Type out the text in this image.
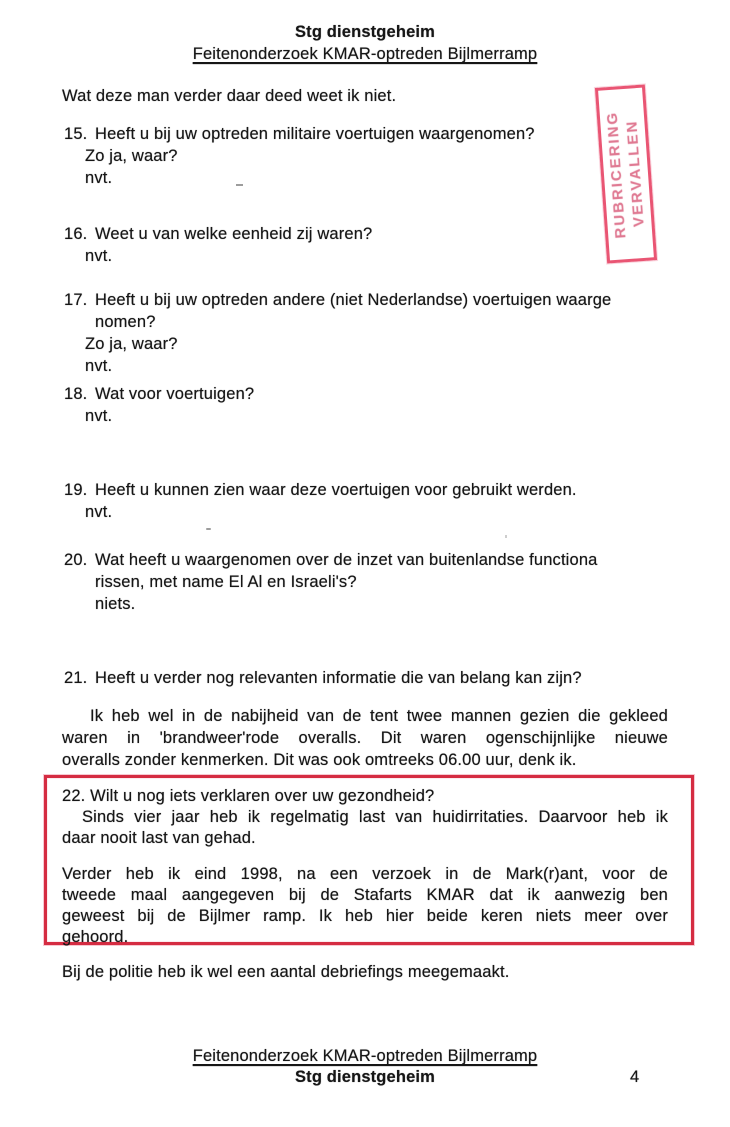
Stg dienstgeheim
Feitenonderzoek KMAR-optreden Bijlmerramp
RUBRICERING
VERVALLEN
Wat deze man verder daar deed weet ik niet.
15. Heeft u bij uw optreden militaire voertuigen waargenomen?
Zo ja, waar?
nvt.
16. Weet u van welke eenheid zij waren?
nvt.
17. Heeft u bij uw optreden andere (niet Nederlandse) voertuigen waarge
nomen?
Zo ja, waar?
nvt.
18. Wat voor voertuigen?
nvt.
19. Heeft u kunnen zien waar deze voertuigen voor gebruikt werden.
nvt.
20. Wat heeft u waargenomen over de inzet van buitenlandse functiona
rissen, met name El Al en Israeli's?
niets.
21. Heeft u verder nog relevanten informatie die van belang kan zijn?
Ik heb wel in de nabijheid van de tent twee mannen gezien die gekleed
waren in 'brandweer'rode overalls. Dit waren ogenschijnlijke nieuwe
overalls zonder kenmerken. Dit was ook omtreeks 06.00 uur, denk ik.
22. Wilt u nog iets verklaren over uw gezondheid?
Sinds vier jaar heb ik regelmatig last van huidirritaties. Daarvoor heb ik
daar nooit last van gehad.
Verder heb ik eind 1998, na een verzoek in de Mark(r)ant, voor de
tweede maal aangegeven bij de Stafarts KMAR dat ik aanwezig ben
geweest bij de Bijlmer ramp. Ik heb hier beide keren niets meer over
gehoord.
Bij de politie heb ik wel een aantal debriefings meegemaakt.
Feitenonderzoek KMAR-optreden Bijlmerramp
Stg dienstgeheim	4
